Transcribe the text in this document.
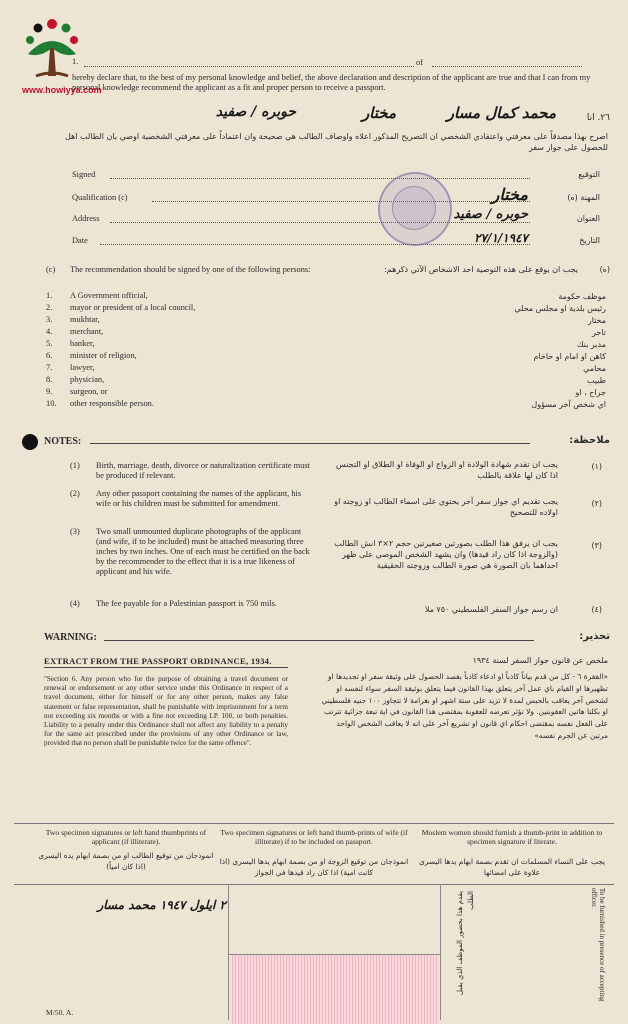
www.howiyya.com
1.	of
hereby declare that, to the best of my personal knowledge and belief, the above declaration and description of the applicant are true and that I can from my personal knowledge recommend the applicant as a fit and proper person to receive a passport.
٢٦. انا
محمد كمال مسار
مختار
حوبره / صفيد
اصرح بهذا مصدقاً على معرفتي واعتقادي الشخصي ان التصريح المذكور اعلاه واوصاف الطالب هي صحيحة وان اعتماداً على معرفتي الشخصية اوصي بان الطالب اهل للحصول على جواز سفر
Signed	التوقيع
Qualification (c)	المهنة (ه)
مختار
Address	العنوان
حوبره / صفيد
Date	التاريخ
٢٧/١/١٩٤٧
(c) The recommendation should be signed by one of the following persons:	(ه)
يجب ان يوقع على هذه التوصية احد الاشخاص الآتي ذكرهم:
1. A Government official,	موظف حكومة
2. mayor or president of a local council,	رئيس بلدية او مجلس محلي
3. mukhtar,	مختار
4. merchant,	تاجر
5. banker,	مدير بنك
6. minister of religion,	كاهن او امام او حاخام
7. lawyer,	محامي
8. physician,	طبيب
9. surgeon, or	جراح ، او
10. other responsible person.	اي شخص آخر مسؤول
NOTES:	ملاحظة:
(1) Birth, marriage, death, divorce or naturalization certificate must be produced if relevant.
يجب ان تقدم شهادة الولادة او الزواج او الوفاة او الطلاق او التجنس اذا كان لها علاقة بالطلب
(١)
(2) Any other passport containing the names of the applicant, his wife or his children must be submitted for amendment.	يجب تقديم اي جواز سفر آخر يحتوي على اسماء الطالب او زوجته او اولاده للتصحيح
(٢)
(3) Two small unmounted duplicate photographs of the applicant (and wife, if to be included) must be attached measuring three inches by two inches. One of each must be certified on the back by the recommender to the effect that it is a true likeness of applicant and his wife.
يجب ان يرفق هذا الطلب بصورتين صغيرتين حجم ٢×٣ انش الطالب (والزوجة اذا كان راد قيدها) وان يشهد الشخص الموصي على ظهر احداهما بان الصورة هي صورة الطالب وزوجته الحقيقية
(٣)
(4) The fee payable for a Palestinian passport is 750 mils.
ان رسم جواز السفر الفلسطيني ٧٥٠ ملا	(٤)
WARNING:	تحذير:
EXTRACT FROM THE PASSPORT ORDINANCE, 1934.	ملخص عن قانون جواز السفر لسنة ١٩٣٤
"Section 6. Any person who for the purpose of obtaining a travel document or renewal or endorsement or any other service under this Ordinance in respect of a travel document, either for himself or for any other person, makes any false statement or false representation, shall be punishable with imprisonment for a term not exceeding six months or with a fine not exceeding LP. 100, or both penalties. Liability to a penalty under this Ordinance shall not affect any liability to a penalty for the same act prescribed under the provisions of any other Ordinance or law, provided that no person shall be punishable twice for the same offence".
«الفقرة ٦ - كل من قدم بياناً كاذباً او ادعاء كاذباً بقصد الحصول على وثيقة سفر او تجديدها او تظهيرها او القيام باي عمل آخر يتعلق بهذا القانون فيما يتعلق بوثيقة السفر سواء لنفسه او لشخص آخر يعاقب بالحبس لمدة لا تزيد على ستة اشهر او بغرامة لا تتجاوز ١٠٠ جنيه فلسطيني او بكلتا هاتين العقوبتين. ولا تؤثر تعرضه للعقوبة بمقتضى هذا القانون في اية تبعة جزائية تترتب على الفعل نفسه بمقتضى احكام اي قانون او تشريع آخر على انه لا يعاقب الشخص الواحد مرتين عن الجرم نفسه»
Two specimen signatures or left hand thumbprints of applicant (if illiterate).
انموذجان من توقيع الطالب او من بصمة ابهام يده اليسرى (اذا كان امياً)
Two specimen signatures or left hand thumb-prints of wife (if illiterate) if to be included on passport.
انموذجان من توقيع الزوجة او من بصمة ابهام يدها اليسرى (اذا كانت امية) اذا كان راد قيدها في الجواز
Moslem women should furnish a thumb-print in addition to specimen signature if literate.
يجب على النساء المسلمات ان تقدم بصمة ابهام يدها اليسرى علاوة على امضائها
٢ ايلول ١٩٤٧ محمد مسار	يقدم هذا بحضور الموظف الذي يقبل الطلب	To be furnished in presence of accepting officer.
M/50. A.
